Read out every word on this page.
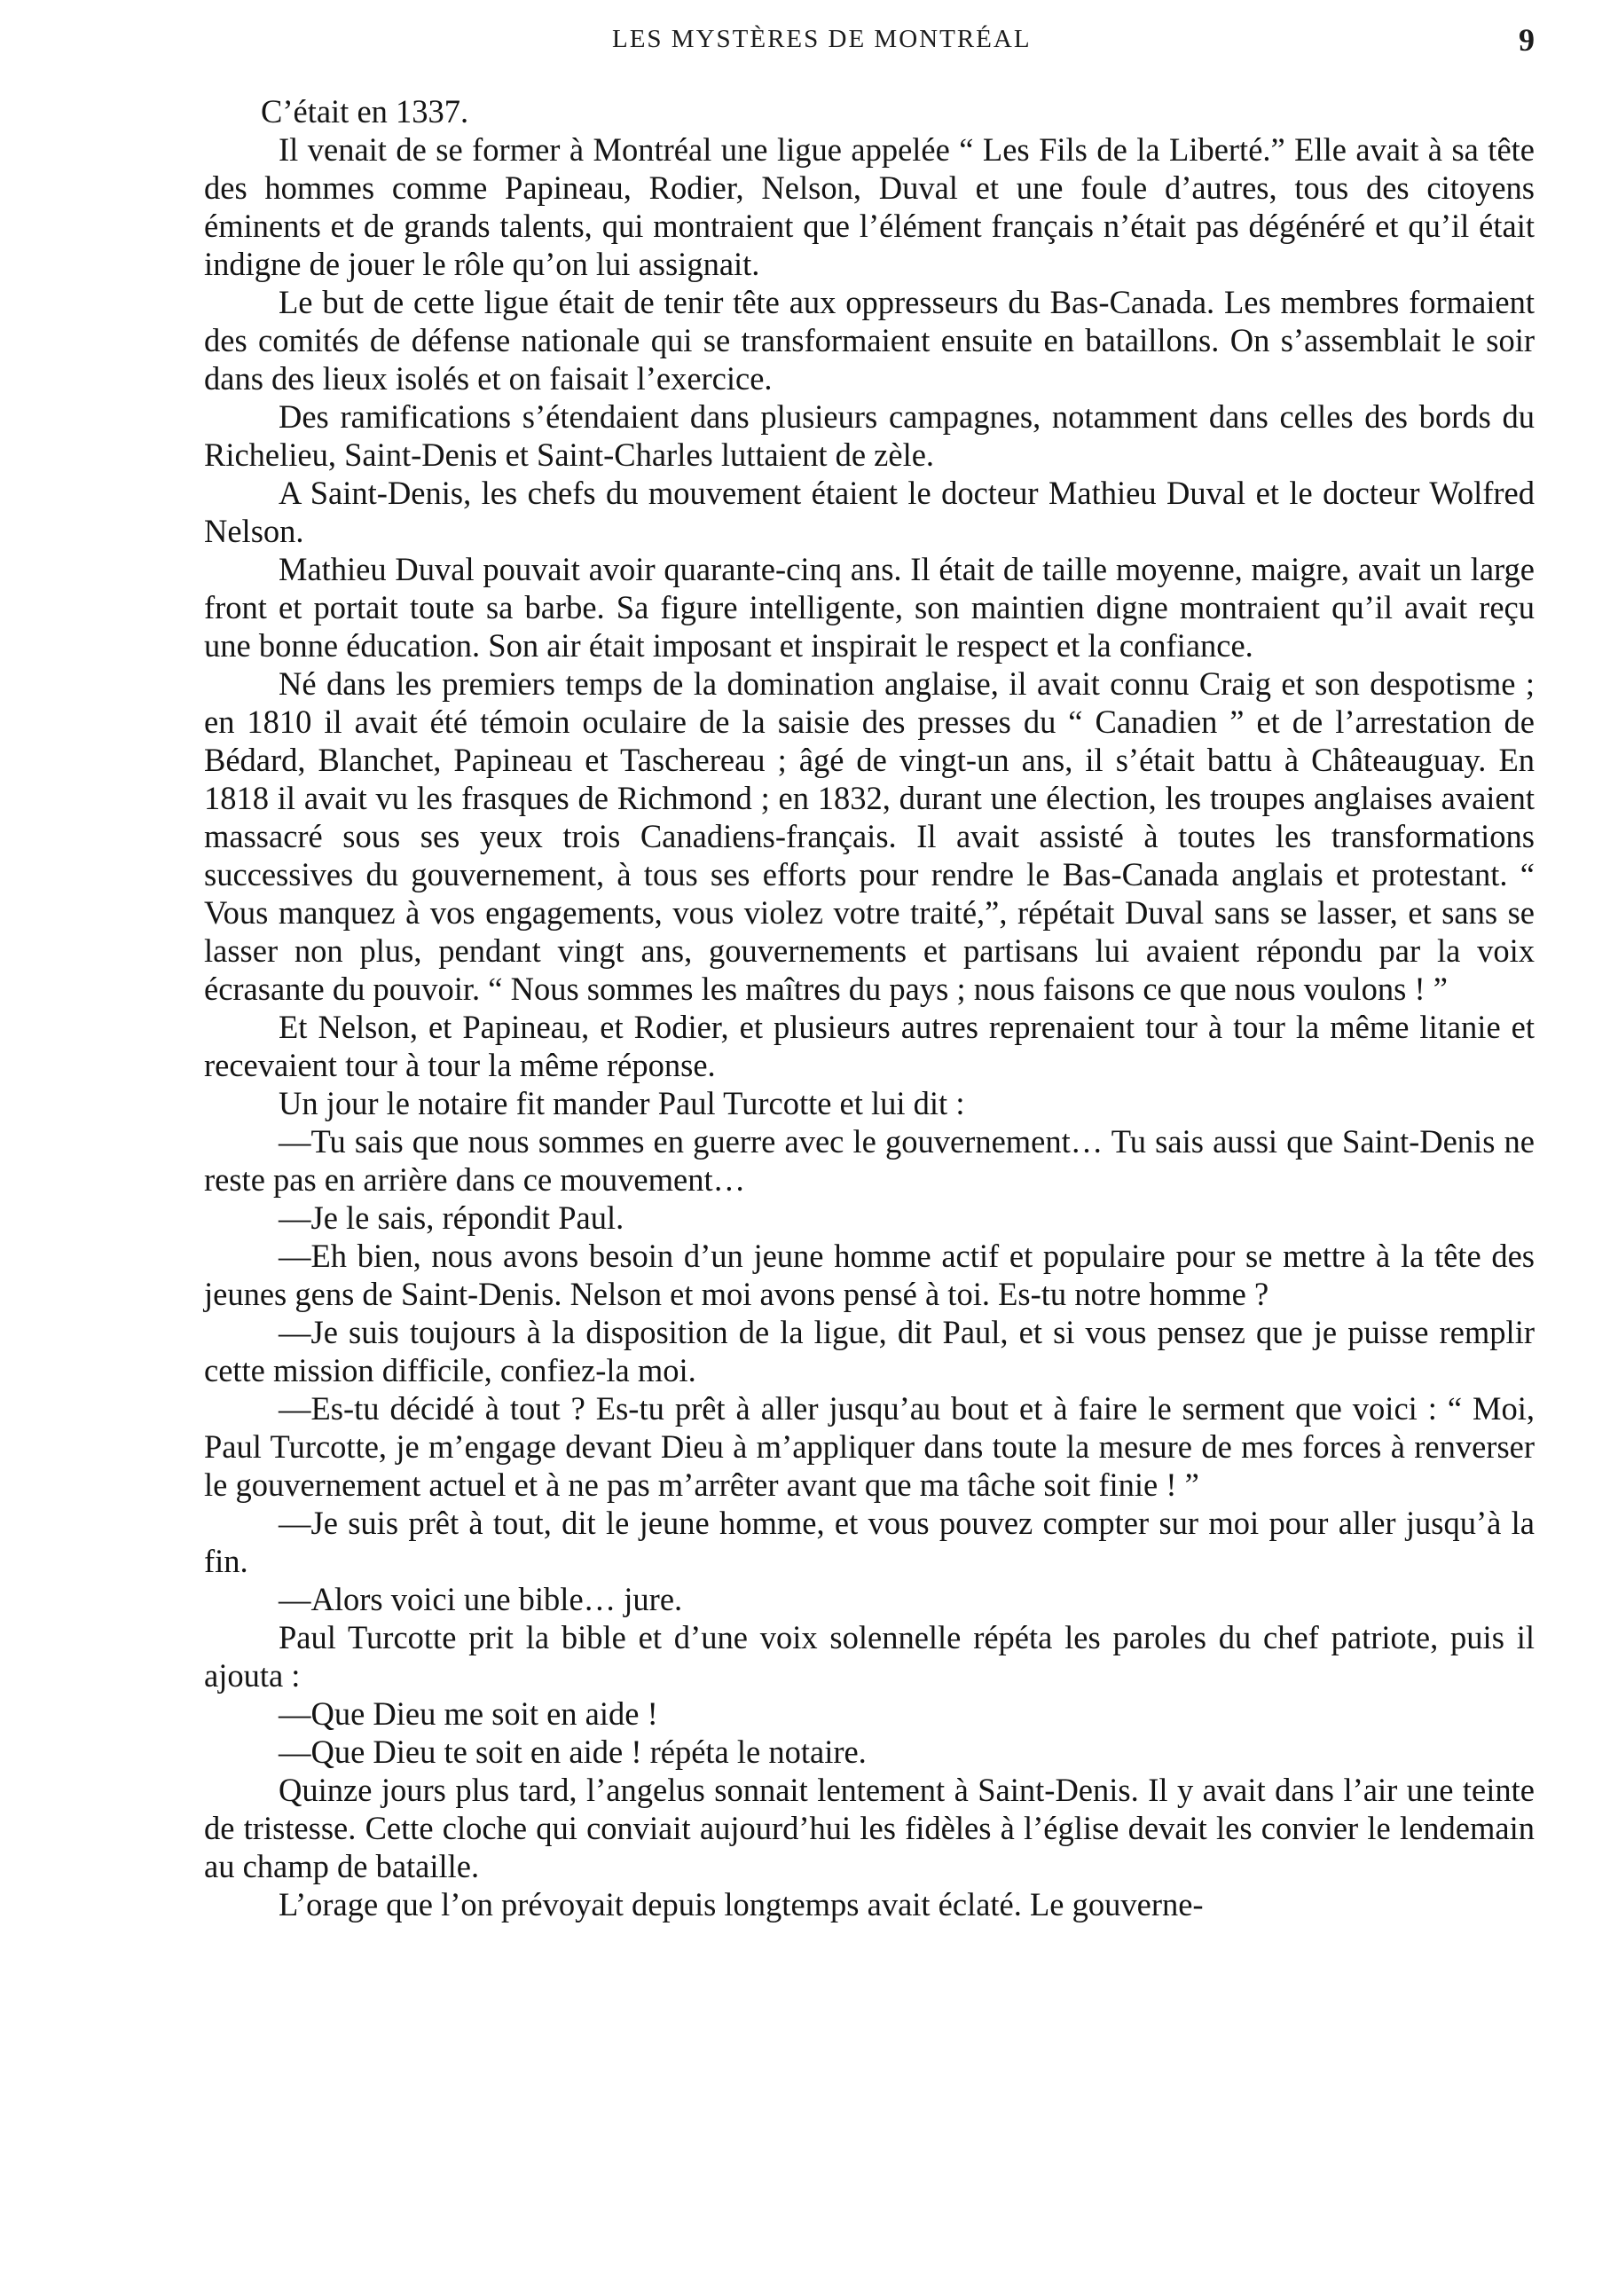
LES MYSTÈRES DE MONTRÉAL	9

C’était en 1337.

Il venait de se former à Montréal une ligue appelée “ Les Fils de la Liberté.” Elle avait à sa tête des hommes comme Papineau, Rodier, Nelson, Duval et une foule d’autres, tous des citoyens éminents et de grands talents, qui montraient que l’élément français n’était pas dégénéré et qu’il était indigne de jouer le rôle qu’on lui assignait.

Le but de cette ligue était de tenir tête aux oppresseurs du Bas-Canada. Les membres formaient des comités de défense nationale qui se transformaient ensuite en bataillons. On s’assemblait le soir dans des lieux isolés et on faisait l’exercice.

Des ramifications s’étendaient dans plusieurs campagnes, notamment dans celles des bords du Richelieu, Saint-Denis et Saint-Charles luttaient de zèle.

A Saint-Denis, les chefs du mouvement étaient le docteur Mathieu Duval et le docteur Wolfred Nelson.

Mathieu Duval pouvait avoir quarante-cinq ans. Il était de taille moyenne, maigre, avait un large front et portait toute sa barbe. Sa figure intelligente, son maintien digne montraient qu’il avait reçu une bonne éducation. Son air était imposant et inspirait le respect et la confiance.

Né dans les premiers temps de la domination anglaise, il avait connu Craig et son despotisme ; en 1810 il avait été témoin oculaire de la saisie des presses du “ Canadien ” et de l’arrestation de Bédard, Blanchet, Papineau et Taschereau ; âgé de vingt-un ans, il s’était battu à Châteauguay. En 1818 il avait vu les frasques de Richmond ; en 1832, durant une élection, les troupes anglaises avaient massacré sous ses yeux trois Canadiens-français. Il avait assisté à toutes les transformations successives du gouvernement, à tous ses efforts pour rendre le Bas-Canada anglais et protestant. “ Vous manquez à vos engagements, vous violez votre traité,”, répétait Duval sans se lasser, et sans se lasser non plus, pendant vingt ans, gouvernements et partisans lui avaient répondu par la voix écrasante du pouvoir. “ Nous sommes les maîtres du pays ; nous faisons ce que nous voulons ! ”

Et Nelson, et Papineau, et Rodier, et plusieurs autres reprenaient tour à tour la même litanie et recevaient tour à tour la même réponse.

Un jour le notaire fit mander Paul Turcotte et lui dit :

—Tu sais que nous sommes en guerre avec le gouvernement… Tu sais aussi que Saint-Denis ne reste pas en arrière dans ce mouvement…

—Je le sais, répondit Paul.

—Eh bien, nous avons besoin d’un jeune homme actif et populaire pour se mettre à la tête des jeunes gens de Saint-Denis. Nelson et moi avons pensé à toi. Es-tu notre homme ?

—Je suis toujours à la disposition de la ligue, dit Paul, et si vous pensez que je puisse remplir cette mission difficile, confiez-la moi.

—Es-tu décidé à tout ? Es-tu prêt à aller jusqu’au bout et à faire le serment que voici : “ Moi, Paul Turcotte, je m’engage devant Dieu à m’appliquer dans toute la mesure de mes forces à renverser le gouvernement actuel et à ne pas m’arrêter avant que ma tâche soit finie ! ”

—Je suis prêt à tout, dit le jeune homme, et vous pouvez compter sur moi pour aller jusqu’à la fin.

—Alors voici une bible… jure.

Paul Turcotte prit la bible et d’une voix solennelle répéta les paroles du chef patriote, puis il ajouta :

—Que Dieu me soit en aide !

—Que Dieu te soit en aide ! répéta le notaire.

Quinze jours plus tard, l’angelus sonnait lentement à Saint-Denis. Il y avait dans l’air une teinte de tristesse. Cette cloche qui conviait aujourd’hui les fidèles à l’église devait les convier le lendemain au champ de bataille.

L’orage que l’on prévoyait depuis longtemps avait éclaté. Le gouverne-
